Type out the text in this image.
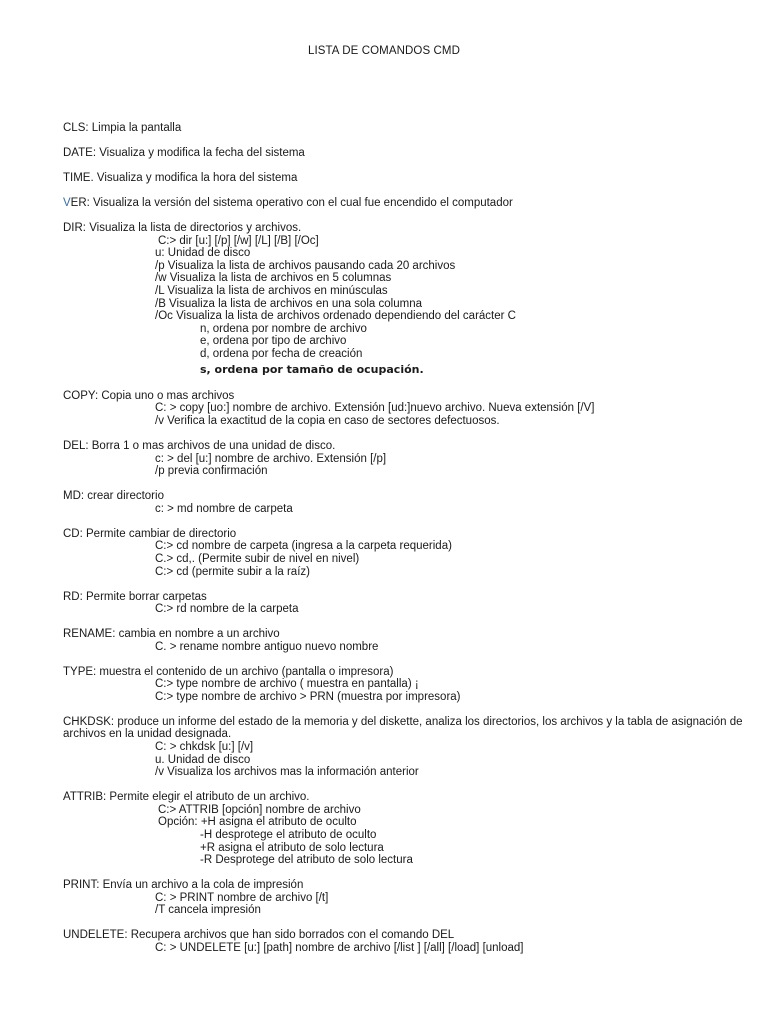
LISTA DE COMANDOS CMD
CLS: Limpia la pantalla
DATE: Visualiza y modifica la fecha del sistema
TIME. Visualiza y modifica la hora del sistema
VER: Visualiza la versión del sistema operativo con el cual fue encendido el computador
DIR: Visualiza la lista de directorios y archivos.
C:> dir [u:] [/p] [/w] [/L] [/B] [/Oc]
u: Unidad de disco
/p Visualiza la lista de archivos pausando cada 20 archivos
/w Visualiza la lista de archivos en 5 columnas
/L Visualiza la lista de archivos en minúsculas
/B Visualiza la lista de archivos en una sola columna
/Oc Visualiza la lista de archivos ordenado dependiendo del carácter C
n, ordena por nombre de archivo
e, ordena por tipo de archivo
d, ordena por fecha de creación
s, ordena por tamaño de ocupación.
COPY: Copia uno o mas archivos
C: > copy [uo:] nombre de archivo. Extensión [ud:]nuevo archivo. Nueva extensión [/V]
/v Verifica la exactitud de la copia en caso de sectores defectuosos.
DEL: Borra 1 o mas archivos de una unidad de disco.
c: > del [u:] nombre de archivo. Extensión [/p]
/p previa confirmación
MD: crear directorio
c: > md nombre de carpeta
CD: Permite cambiar de directorio
C:> cd nombre de carpeta (ingresa a la carpeta requerida)
C.> cd,. (Permite subir de nivel en nivel)
C:> cd (permite subir a la raíz)
RD: Permite borrar carpetas
C:> rd nombre de la carpeta
RENAME: cambia en nombre a un archivo
C. > rename nombre antiguo nuevo nombre
TYPE: muestra el contenido de un archivo (pantalla o impresora)
C:> type nombre de archivo ( muestra en pantalla) ¡
C:> type nombre de archivo > PRN (muestra por impresora)
CHKDSK: produce un informe del estado de la memoria y del diskette, analiza los directorios, los archivos y la tabla de asignación de archivos en la unidad designada.
C: > chkdsk [u:] [/v]
u. Unidad de disco
/v Visualiza los archivos mas la información anterior
ATTRIB: Permite elegir el atributo de un archivo.
C:> ATTRIB [opción] nombre de archivo
Opción: +H asigna el atributo de oculto
-H desprotege el atributo de oculto
+R asigna el atributo de solo lectura
-R Desprotege del atributo de solo lectura
PRINT: Envía un archivo a la cola de impresión
C: > PRINT nombre de archivo [/t]
/T cancela impresión
UNDELETE: Recupera archivos que han sido borrados con el comando DEL
C: > UNDELETE [u:] [path] nombre de archivo [/list ] [/all] [/load] [unload]
